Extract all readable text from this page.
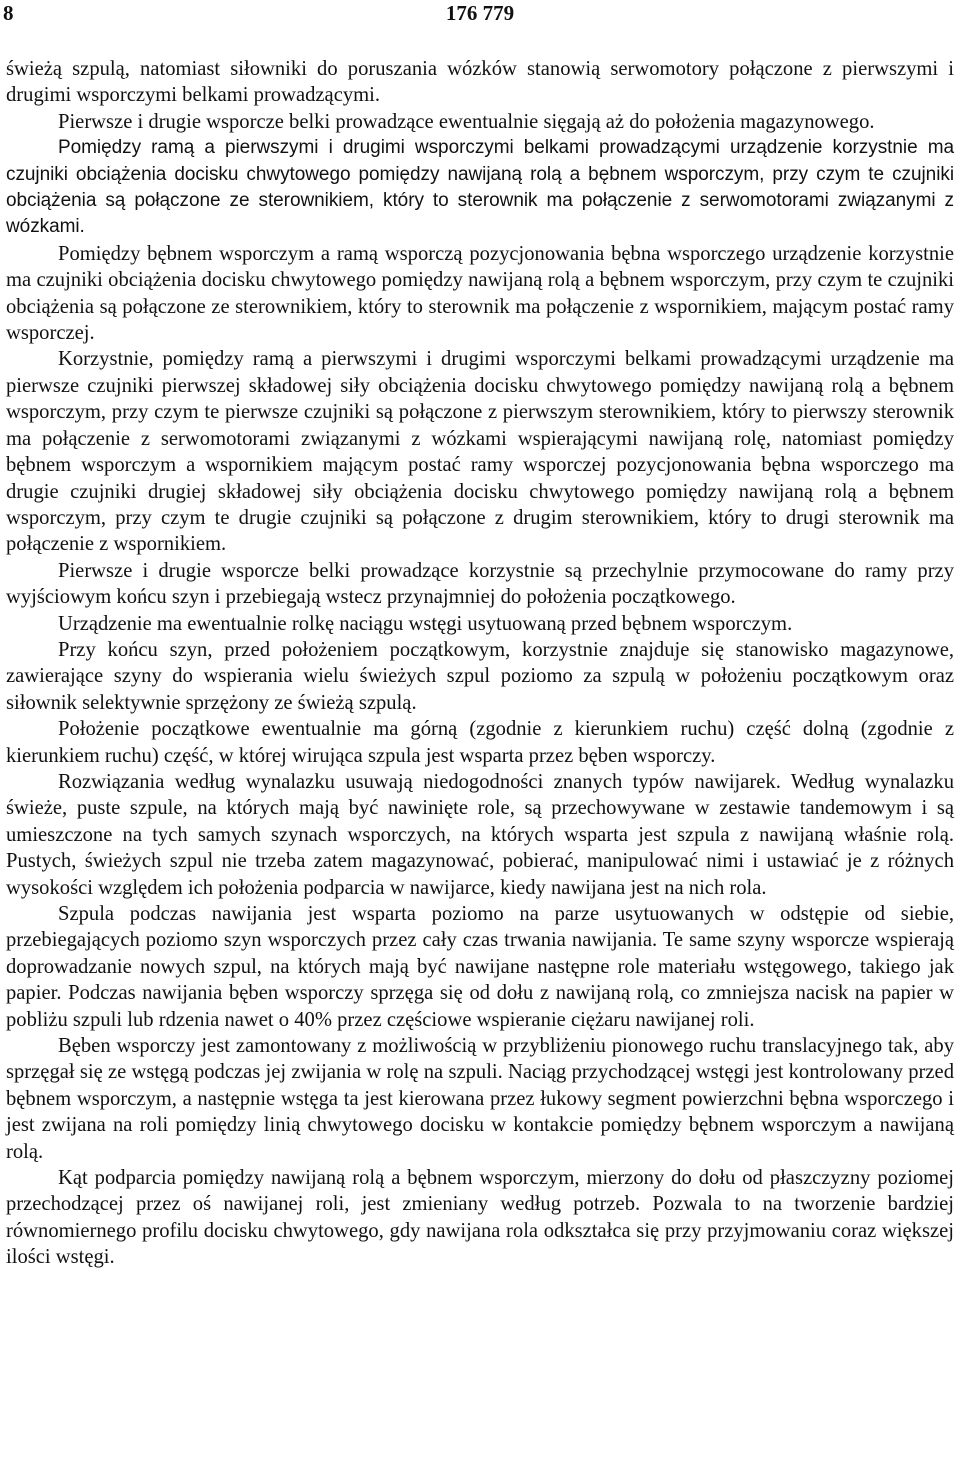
8	176 779

świeżą szpulą, natomiast siłowniki do poruszania wózków stanowią serwomotory połączone z pierwszymi i drugimi wsporczymi belkami prowadzącymi.

Pierwsze i drugie wsporcze belki prowadzące ewentualnie sięgają aż do położenia magazynowego.

Pomiędzy ramą a pierwszymi i drugimi wsporczymi belkami prowadzącymi urządzenie korzystnie ma czujniki obciążenia docisku chwytowego pomiędzy nawijaną rolą a bębnem wsporczym, przy czym te czujniki obciążenia są połączone ze sterownikiem, który to sterownik ma połączenie z serwomotorami związanymi z wózkami.

Pomiędzy bębnem wsporczym a ramą wsporczą pozycjonowania bębna wsporczego urządzenie korzystnie ma czujniki obciążenia docisku chwytowego pomiędzy nawijaną rolą a bębnem wsporczym, przy czym te czujniki obciążenia są połączone ze sterownikiem, który to sterownik ma połączenie z wspornikiem, mającym postać ramy wsporczej.

Korzystnie, pomiędzy ramą a pierwszymi i drugimi wsporczymi belkami prowadzącymi urządzenie ma pierwsze czujniki pierwszej składowej siły obciążenia docisku chwytowego pomiędzy nawijaną rolą a bębnem wsporczym, przy czym te pierwsze czujniki są połączone z pierwszym sterownikiem, który to pierwszy sterownik ma połączenie z serwomotorami związanymi z wózkami wspierającymi nawijaną rolę, natomiast pomiędzy bębnem wsporczym a wspornikiem mającym postać ramy wsporczej pozycjonowania bębna wsporczego ma drugie czujniki drugiej składowej siły obciążenia docisku chwytowego pomiędzy nawijaną rolą a bębnem wsporczym, przy czym te drugie czujniki są połączone z drugim sterownikiem, który to drugi sterownik ma połączenie z wspornikiem.

Pierwsze i drugie wsporcze belki prowadzące korzystnie są przechylnie przymocowane do ramy przy wyjściowym końcu szyn i przebiegają wstecz przynajmniej do położenia początkowego.

Urządzenie ma ewentualnie rolkę naciągu wstęgi usytuowaną przed bębnem wsporczym.

Przy końcu szyn, przed położeniem początkowym, korzystnie znajduje się stanowisko magazynowe, zawierające szyny do wspierania wielu świeżych szpul poziomo za szpulą w położeniu początkowym oraz siłownik selektywnie sprzężony ze świeżą szpulą.

Położenie początkowe ewentualnie ma górną (zgodnie z kierunkiem ruchu) część dolną (zgodnie z kierunkiem ruchu) część, w której wirująca szpula jest wsparta przez bęben wsporczy.

Rozwiązania według wynalazku usuwają niedogodności znanych typów nawijarek. Według wynalazku świeże, puste szpule, na których mają być nawinięte role, są przechowywane w zestawie tandemowym i są umieszczone na tych samych szynach wsporczych, na których wsparta jest szpula z nawijaną właśnie rolą. Pustych, świeżych szpul nie trzeba zatem magazynować, pobierać, manipulować nimi i ustawiać je z różnych wysokości względem ich położenia podparcia w nawijarce, kiedy nawijana jest na nich rola.

Szpula podczas nawijania jest wsparta poziomo na parze usytuowanych w odstępie od siebie, przebiegających poziomo szyn wsporczych przez cały czas trwania nawijania. Te same szyny wsporcze wspierają doprowadzanie nowych szpul, na których mają być nawijane następne role materiału wstęgowego, takiego jak papier. Podczas nawijania bęben wsporczy sprzęga się od dołu z nawijaną rolą, co zmniejsza nacisk na papier w pobliżu szpuli lub rdzenia nawet o 40% przez częściowe wspieranie ciężaru nawijanej roli.

Bęben wsporczy jest zamontowany z możliwością w przybliżeniu pionowego ruchu translacyjnego tak, aby sprzęgał się ze wstęgą podczas jej zwijania w rolę na szpuli. Naciąg przychodzącej wstęgi jest kontrolowany przed bębnem wsporczym, a następnie wstęga ta jest kierowana przez łukowy segment powierzchni bębna wsporczego i jest zwijana na roli pomiędzy linią chwytowego docisku w kontakcie pomiędzy bębnem wsporczym a nawijaną rolą.

Kąt podparcia pomiędzy nawijaną rolą a bębnem wsporczym, mierzony do dołu od płaszczyzny poziomej przechodzącej przez oś nawijanej roli, jest zmieniany według potrzeb. Pozwala to na tworzenie bardziej równomiernego profilu docisku chwytowego, gdy nawijana rola odkształca się przy przyjmowaniu coraz większej ilości wstęgi.
